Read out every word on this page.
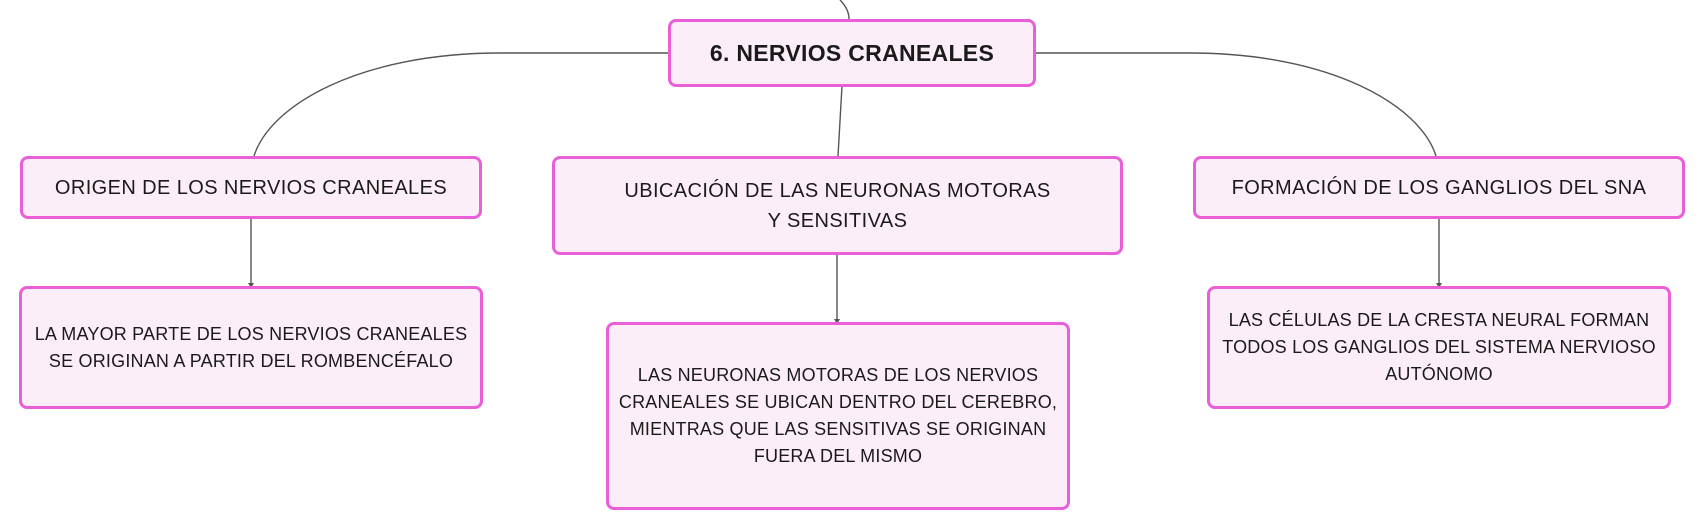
6. NERVIOS CRANEALES
ORIGEN DE LOS NERVIOS CRANEALES	UBICACIÓN DE LAS NEURONAS MOTORAS Y SENSITIVAS
FORMACIÓN DE LOS GANGLIOS DEL SNA
LA MAYOR PARTE DE LOS NERVIOS CRANEALES SE ORIGINAN A PARTIR DEL ROMBENCÉFALO
LAS NEURONAS MOTORAS DE LOS NERVIOS CRANEALES SE UBICAN DENTRO DEL CEREBRO, MIENTRAS QUE LAS SENSITIVAS SE ORIGINAN FUERA DEL MISMO
LAS CÉLULAS DE LA CRESTA NEURAL FORMAN TODOS LOS GANGLIOS DEL SISTEMA NERVIOSO AUTÓNOMO
